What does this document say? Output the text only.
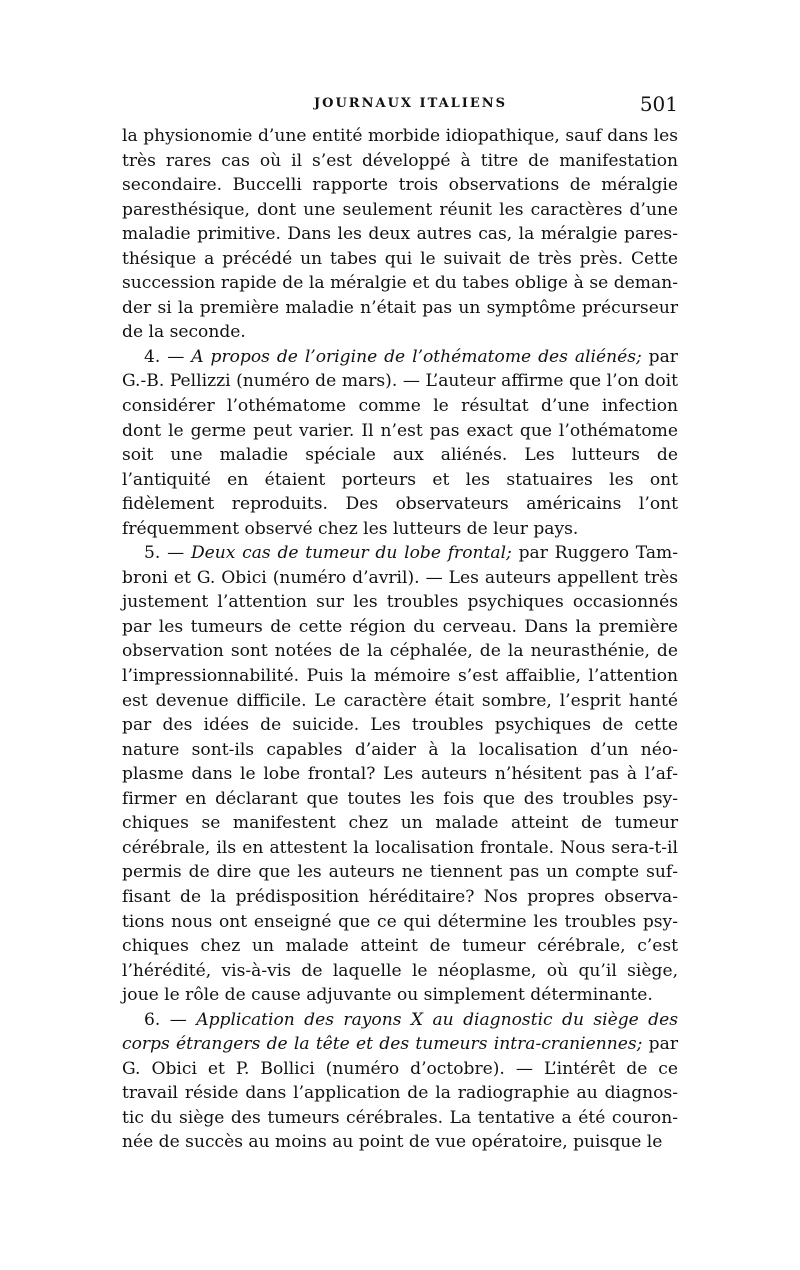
JOURNAUX ITALIENS	501

la physionomie d’une entité morbide idiopathique, sauf dans les très rares cas où il s’est développé à titre de manifestation secondaire. Buccelli rapporte trois observations de méralgie paresthésique, dont une seulement réunit les caractères d’une maladie primitive. Dans les deux autres cas, la méralgie paresthésique a précédé un tabes qui le suivait de très près. Cette succession rapide de la méralgie et du tabes oblige à se demander si la première maladie n’était pas un symptôme précurseur de la seconde.

4. — A propos de l’origine de l’othématome des aliénés; par G.-B. Pellizzi (numéro de mars). — L’auteur affirme que l’on doit considérer l’othématome comme le résultat d’une infection dont le germe peut varier. Il n’est pas exact que l’othématome soit une maladie spéciale aux aliénés. Les lutteurs de l’antiquité en étaient porteurs et les statuaires les ont fidèlement reproduits. Des observateurs américains l’ont fréquemment observé chez les lutteurs de leur pays.

5. — Deux cas de tumeur du lobe frontal; par Ruggero Tambroni et G. Obici (numéro d’avril). — Les auteurs appellent très justement l’attention sur les troubles psychiques occasionnés par les tumeurs de cette région du cerveau. Dans la première observation sont notées de la céphalée, de la neurasthénie, de l’impressionnabilité. Puis la mémoire s’est affaiblie, l’attention est devenue difficile. Le caractère était sombre, l’esprit hanté par des idées de suicide. Les troubles psychiques de cette nature sont-ils capables d’aider à la localisation d’un néoplasme dans le lobe frontal? Les auteurs n’hésitent pas à l’affirmer en déclarant que toutes les fois que des troubles psychiques se manifestent chez un malade atteint de tumeur cérébrale, ils en attestent la localisation frontale. Nous sera-t-il permis de dire que les auteurs ne tiennent pas un compte suffisant de la prédisposition héréditaire? Nos propres observations nous ont enseigné que ce qui détermine les troubles psychiques chez un malade atteint de tumeur cérébrale, c’est l’hérédité, vis-à-vis de laquelle le néoplasme, où qu’il siège, joue le rôle de cause adjuvante ou simplement déterminante.

6. — Application des rayons X au diagnostic du siège des corps étrangers de la tête et des tumeurs intra-craniennes; par G. Obici et P. Bollici (numéro d’octobre). — L’intérêt de ce travail réside dans l’application de la radiographie au diagnostic du siège des tumeurs cérébrales. La tentative a été couronnée de succès au moins au point de vue opératoire, puisque le
